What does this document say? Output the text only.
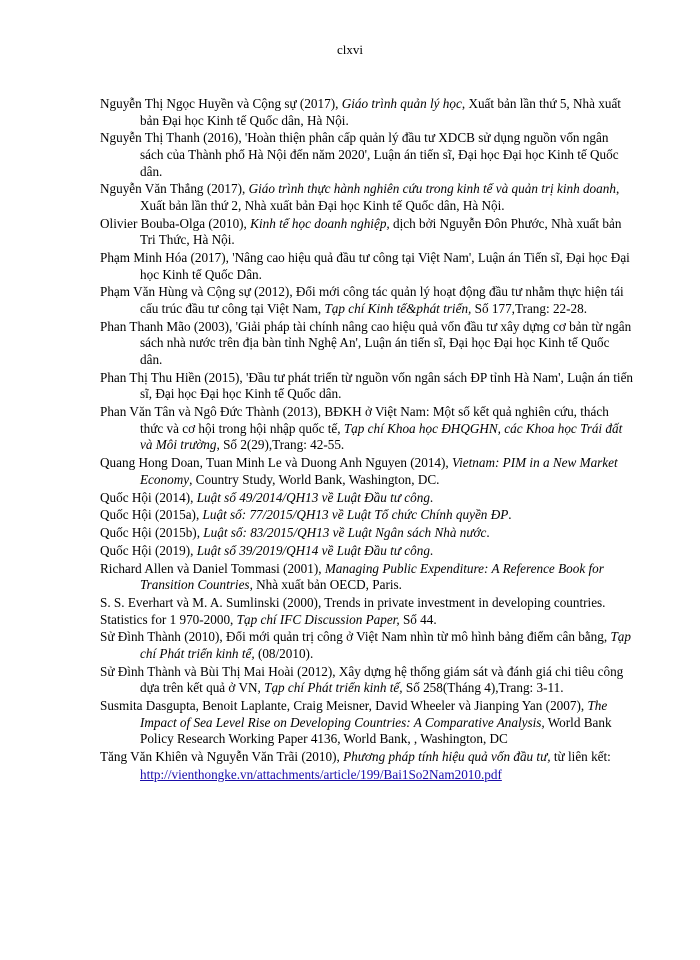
clxvi

Nguyễn Thị Ngọc Huyền và Cộng sự (2017), Giáo trình quản lý học, Xuất bản lần thứ 5, Nhà xuất bản Đại học Kinh tế Quốc dân, Hà Nội.

Nguyễn Thị Thanh (2016), 'Hoàn thiện phân cấp quản lý đầu tư XDCB sử dụng nguồn vốn ngân sách của Thành phố Hà Nội đến năm 2020', Luận án tiến sĩ, Đại học Đại học Kinh tế Quốc dân.

Nguyễn Văn Thắng (2017), Giáo trình thực hành nghiên cứu trong kinh tế và quản trị kinh doanh, Xuất bản lần thứ 2, Nhà xuất bản Đại học Kinh tế Quốc dân, Hà Nội.

Olivier Bouba-Olga (2010), Kinh tế học doanh nghiệp, dịch bởi Nguyễn Đôn Phước, Nhà xuất bản Tri Thức, Hà Nội.

Phạm Minh Hóa (2017), 'Nâng cao hiệu quả đầu tư công tại Việt Nam', Luận án Tiến sĩ, Đại học Đại học Kinh tế Quốc Dân.

Phạm Văn Hùng và Cộng sự (2012), Đổi mới công tác quản lý hoạt động đầu tư nhằm thực hiện tái cấu trúc đầu tư công tại Việt Nam, Tạp chí Kinh tế&phát triển, Số 177,Trang: 22-28.

Phan Thanh Mão (2003), 'Giải pháp tài chính nâng cao hiệu quả vốn đầu tư xây dựng cơ bản từ ngân sách nhà nước trên địa bàn tỉnh Nghệ An', Luận án tiến sĩ, Đại học Đại học Kinh tế Quốc dân.

Phan Thị Thu Hiền (2015), 'Đầu tư phát triển từ nguồn vốn ngân sách ĐP tỉnh Hà Nam', Luận án tiến sĩ, Đại học Đại học Kinh tế Quốc dân.

Phan Văn Tân và Ngô Đức Thành (2013), BĐKH ở Việt Nam: Một số kết quả nghiên cứu, thách thức và cơ hội trong hội nhập quốc tế, Tạp chí Khoa học ĐHQGHN, các Khoa học Trái đất và Môi trường, Số 2(29),Trang: 42-55.

Quang Hong Doan, Tuan Minh Le và Duong Anh Nguyen (2014), Vietnam: PIM in a New Market Economy, Country Study, World Bank, Washington, DC.

Quốc Hội (2014), Luật số 49/2014/QH13 về Luật Đầu tư công.

Quốc Hội (2015a), Luật số: 77/2015/QH13 về Luật Tổ chức Chính quyền ĐP.

Quốc Hội (2015b), Luật số: 83/2015/QH13 về Luật Ngân sách Nhà nước.

Quốc Hội (2019), Luật số 39/2019/QH14 về Luật Đầu tư công.

Richard Allen và Daniel Tommasi (2001), Managing Public Expenditure: A Reference Book for Transition Countries, Nhà xuất bản OECD, Paris.

S. S. Everhart và M. A. Sumlinski (2000), Trends in private investment in developing countries. Statistics for 1 970-2000, Tạp chí IFC Discussion Paper, Số 44.

Sử Đình Thành (2010), Đổi mới quản trị công ở Việt Nam nhìn từ mô hình bảng điểm cân bằng, Tạp chí Phát triển kinh tế, (08/2010).

Sử Đình Thành và Bùi Thị Mai Hoài (2012), Xây dựng hệ thống giám sát và đánh giá chi tiêu công dựa trên kết quả ở VN, Tạp chí Phát triển kinh tế, Số 258(Tháng 4),Trang: 3-11.

Susmita Dasgupta, Benoit Laplante, Craig Meisner, David Wheeler và Jianping Yan (2007), The Impact of Sea Level Rise on Developing Countries: A Comparative Analysis, World Bank Policy Research Working Paper 4136, World Bank, , Washington, DC

Tăng Văn Khiên và Nguyễn Văn Trãi (2010), Phương pháp tính hiệu quả vốn đầu tư, từ liên kết:

http://vienthongke.vn/attachments/article/199/Bai1So2Nam2010.pdf
